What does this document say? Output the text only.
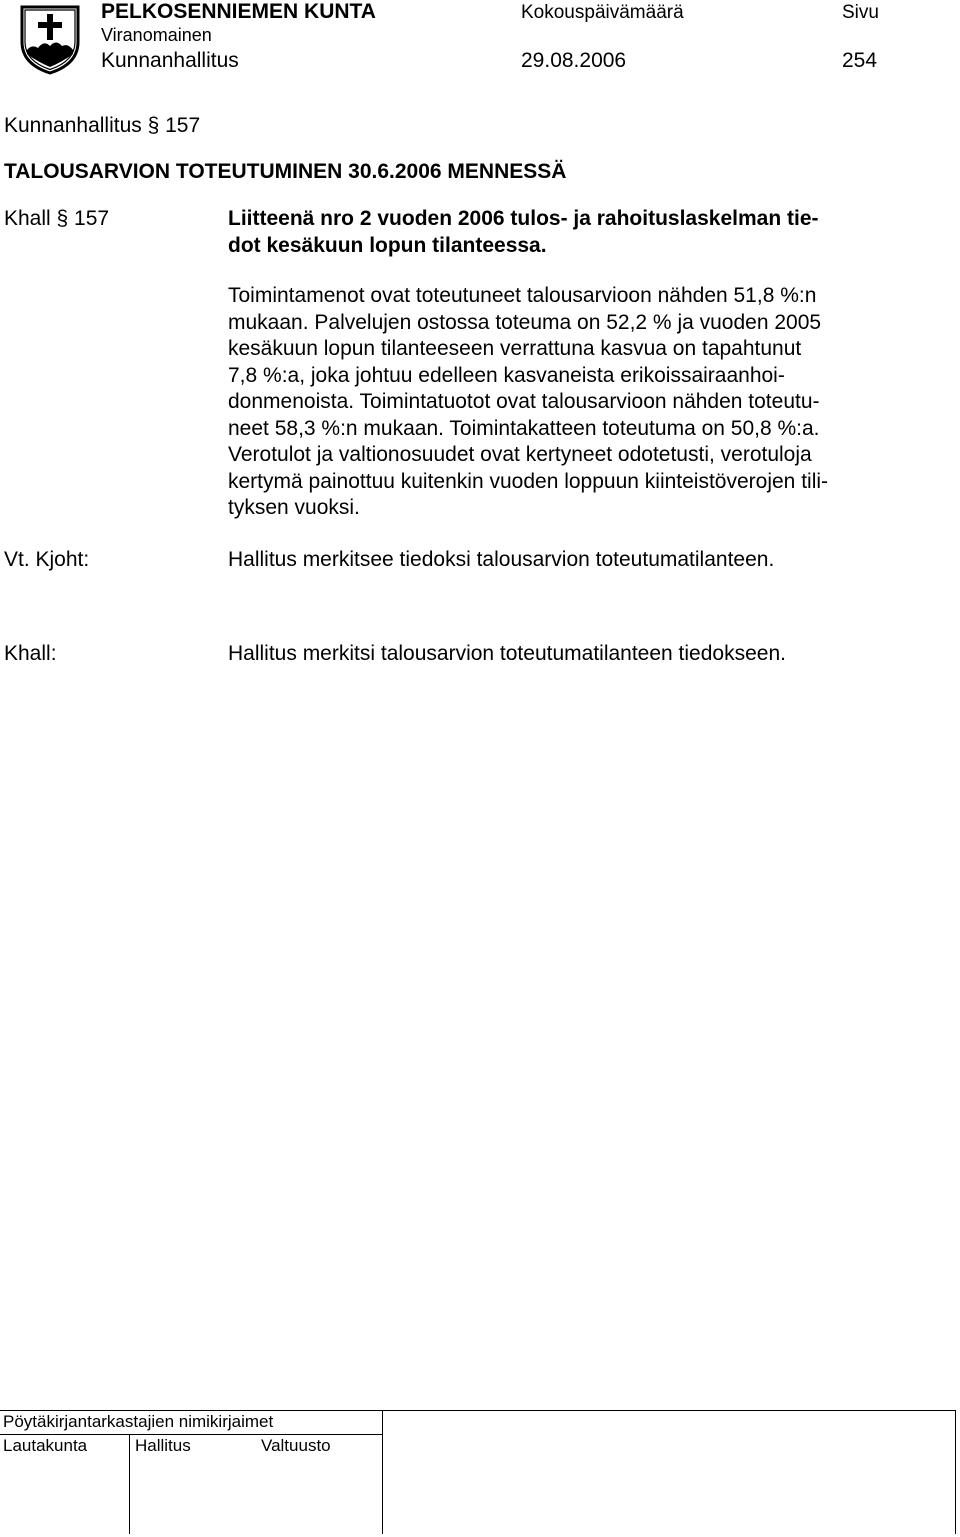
PELKOSENNIEMEN KUNTA	Kokouspäivämäärä	Sivu
Viranomainen
Kunnanhallitus	29.08.2006	254
Kunnanhallitus § 157
TALOUSARVION TOTEUTUMINEN 30.6.2006 MENNESSÄ
Khall § 157	Liitteenä nro 2 vuoden 2006 tulos- ja rahoituslaskelman tie-
dot kesäkuun lopun tilanteessa.
Toimintamenot ovat toteutuneet talousarvioon nähden 51,8 %:n
mukaan. Palvelujen ostossa toteuma on 52,2 % ja vuoden 2005
kesäkuun lopun tilanteeseen verrattuna kasvua on tapahtunut
7,8 %:a, joka johtuu edelleen kasvaneista erikoissairaanhoi-
donmenoista. Toimintatuotot ovat talousarvioon nähden toteutu-
neet 58,3 %:n mukaan. Toimintakatteen toteutuma on 50,8 %:a.
Verotulot ja valtionosuudet ovat kertyneet odotetusti, verotuloja
kertymä painottuu kuitenkin vuoden loppuun kiinteistöverojen tili-
tyksen vuoksi.
Vt. Kjoht:	Hallitus merkitsee tiedoksi talousarvion toteutumatilanteen.
Khall:	Hallitus merkitsi talousarvion toteutumatilanteen tiedokseen.
Pöytäkirjantarkastajien nimikirjaimet
Lautakunta	Hallitus	Valtuusto
